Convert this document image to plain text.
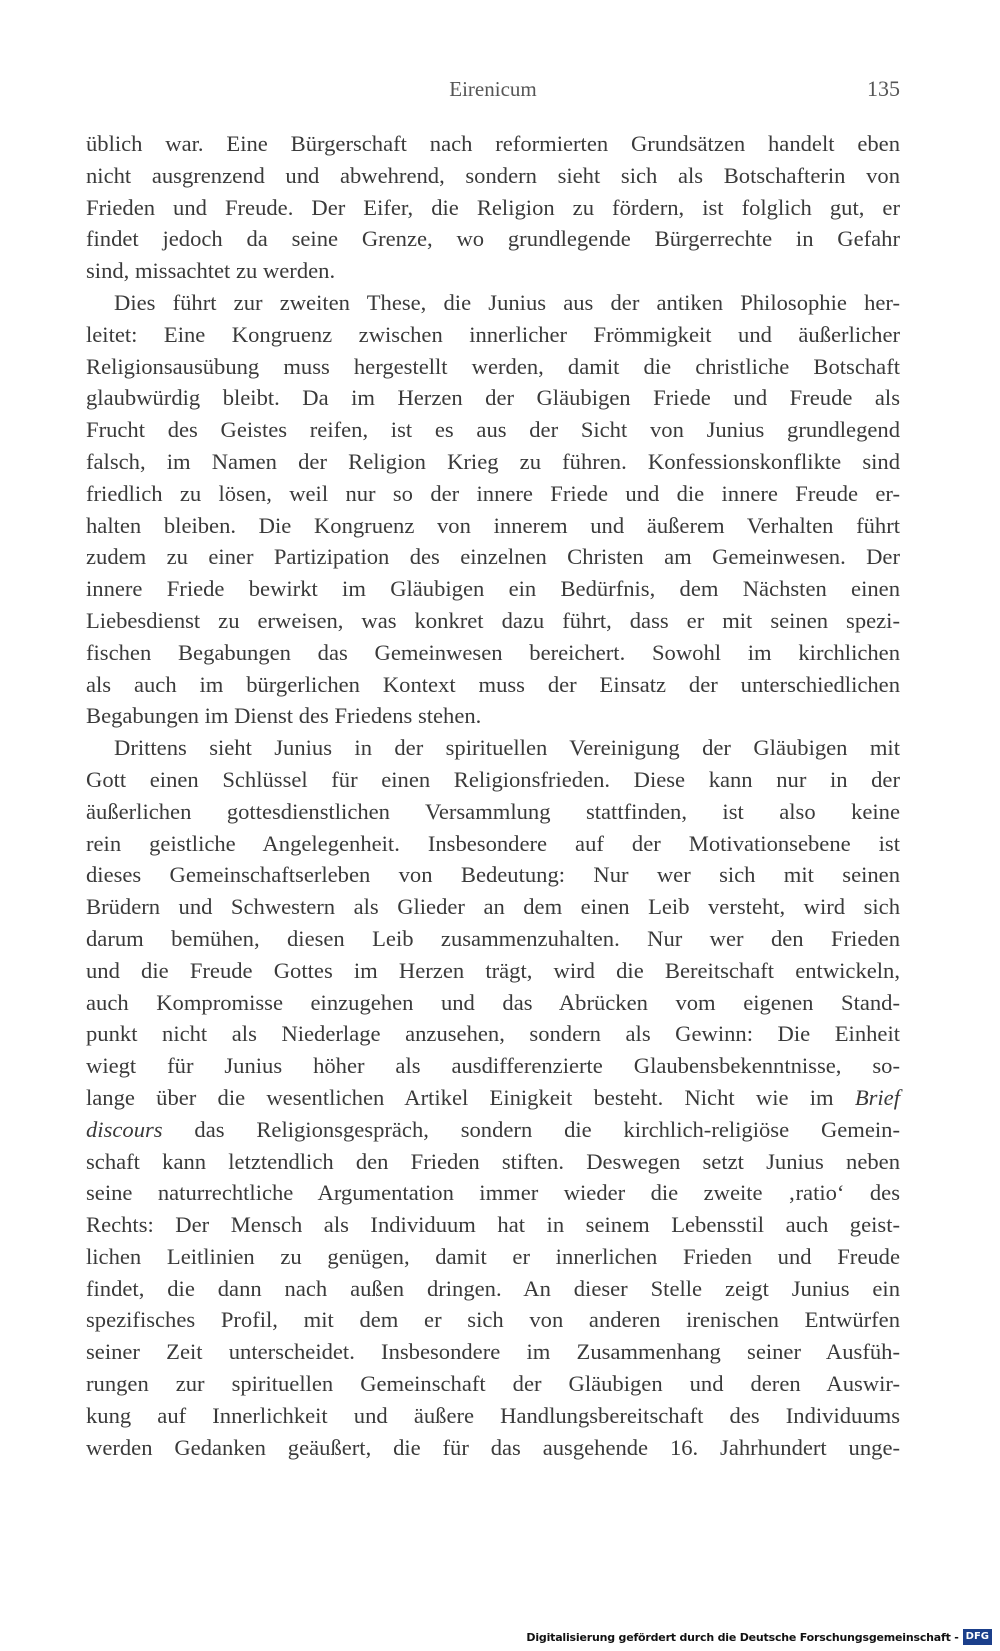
Eirenicum	135
üblich war. Eine Bürgerschaft nach reformierten Grundsätzen handelt eben
nicht ausgrenzend und abwehrend, sondern sieht sich als Botschafterin von
Frieden und Freude. Der Eifer, die Religion zu fördern, ist folglich gut, er
findet jedoch da seine Grenze, wo grundlegende Bürgerrechte in Gefahr
sind, missachtet zu werden.
Dies führt zur zweiten These, die Junius aus der antiken Philosophie her-
leitet: Eine Kongruenz zwischen innerlicher Frömmigkeit und äußerlicher
Religionsausübung muss hergestellt werden, damit die christliche Botschaft
glaubwürdig bleibt. Da im Herzen der Gläubigen Friede und Freude als
Frucht des Geistes reifen, ist es aus der Sicht von Junius grundlegend
falsch, im Namen der Religion Krieg zu führen. Konfessionskonflikte sind
friedlich zu lösen, weil nur so der innere Friede und die innere Freude er-
halten bleiben. Die Kongruenz von innerem und äußerem Verhalten führt
zudem zu einer Partizipation des einzelnen Christen am Gemeinwesen. Der
innere Friede bewirkt im Gläubigen ein Bedürfnis, dem Nächsten einen
Liebesdienst zu erweisen, was konkret dazu führt, dass er mit seinen spezi-
fischen Begabungen das Gemeinwesen bereichert. Sowohl im kirchlichen
als auch im bürgerlichen Kontext muss der Einsatz der unterschiedlichen
Begabungen im Dienst des Friedens stehen.
Drittens sieht Junius in der spirituellen Vereinigung der Gläubigen mit
Gott einen Schlüssel für einen Religionsfrieden. Diese kann nur in der
äußerlichen gottesdienstlichen Versammlung stattfinden, ist also keine
rein geistliche Angelegenheit. Insbesondere auf der Motivationsebene ist
dieses Gemeinschaftserleben von Bedeutung: Nur wer sich mit seinen
Brüdern und Schwestern als Glieder an dem einen Leib versteht, wird sich
darum bemühen, diesen Leib zusammenzuhalten. Nur wer den Frieden
und die Freude Gottes im Herzen trägt, wird die Bereitschaft entwickeln,
auch Kompromisse einzugehen und das Abrücken vom eigenen Stand-
punkt nicht als Niederlage anzusehen, sondern als Gewinn: Die Einheit
wiegt für Junius höher als ausdifferenzierte Glaubensbekenntnisse, so-
lange über die wesentlichen Artikel Einigkeit besteht. Nicht wie im Brief
discours das Religionsgespräch, sondern die kirchlich-religiöse Gemein-
schaft kann letztendlich den Frieden stiften. Deswegen setzt Junius neben
seine naturrechtliche Argumentation immer wieder die zweite ‚ratio‘ des
Rechts: Der Mensch als Individuum hat in seinem Lebensstil auch geist-
lichen Leitlinien zu genügen, damit er innerlichen Frieden und Freude
findet, die dann nach außen dringen. An dieser Stelle zeigt Junius ein
spezifisches Profil, mit dem er sich von anderen irenischen Entwürfen
seiner Zeit unterscheidet. Insbesondere im Zusammenhang seiner Ausfüh-
rungen zur spirituellen Gemeinschaft der Gläubigen und deren Auswir-
kung auf Innerlichkeit und äußere Handlungsbereitschaft des Individuums
werden Gedanken geäußert, die für das ausgehende 16. Jahrhundert unge-
Digitalisierung gefördert durch die Deutsche Forschungsgemeinschaft - DFG
